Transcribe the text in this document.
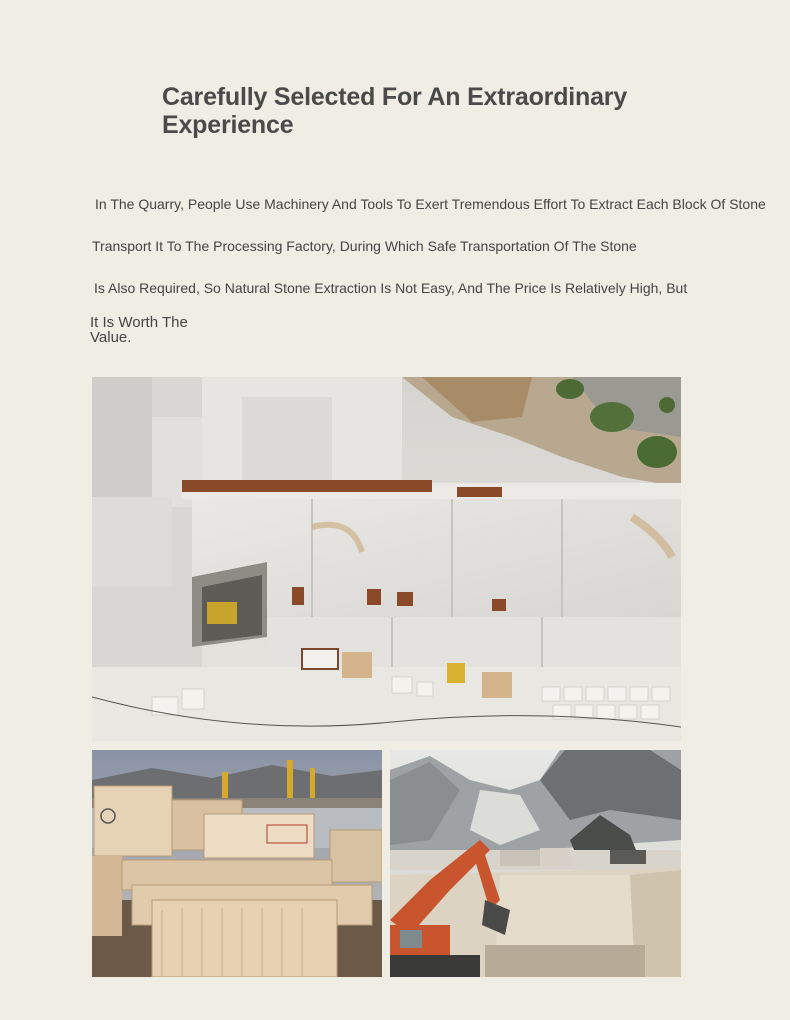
Carefully Selected For An Extraordinary Experience

In The Quarry, People Use Machinery And Tools To Exert Tremendous Effort To Extract Each Block Of Stone

Transport It To The Processing Factory, During Which Safe Transportation Of The Stone

Is Also Required, So Natural Stone Extraction Is Not Easy, And The Price Is Relatively High, But

It Is Worth The Value.
